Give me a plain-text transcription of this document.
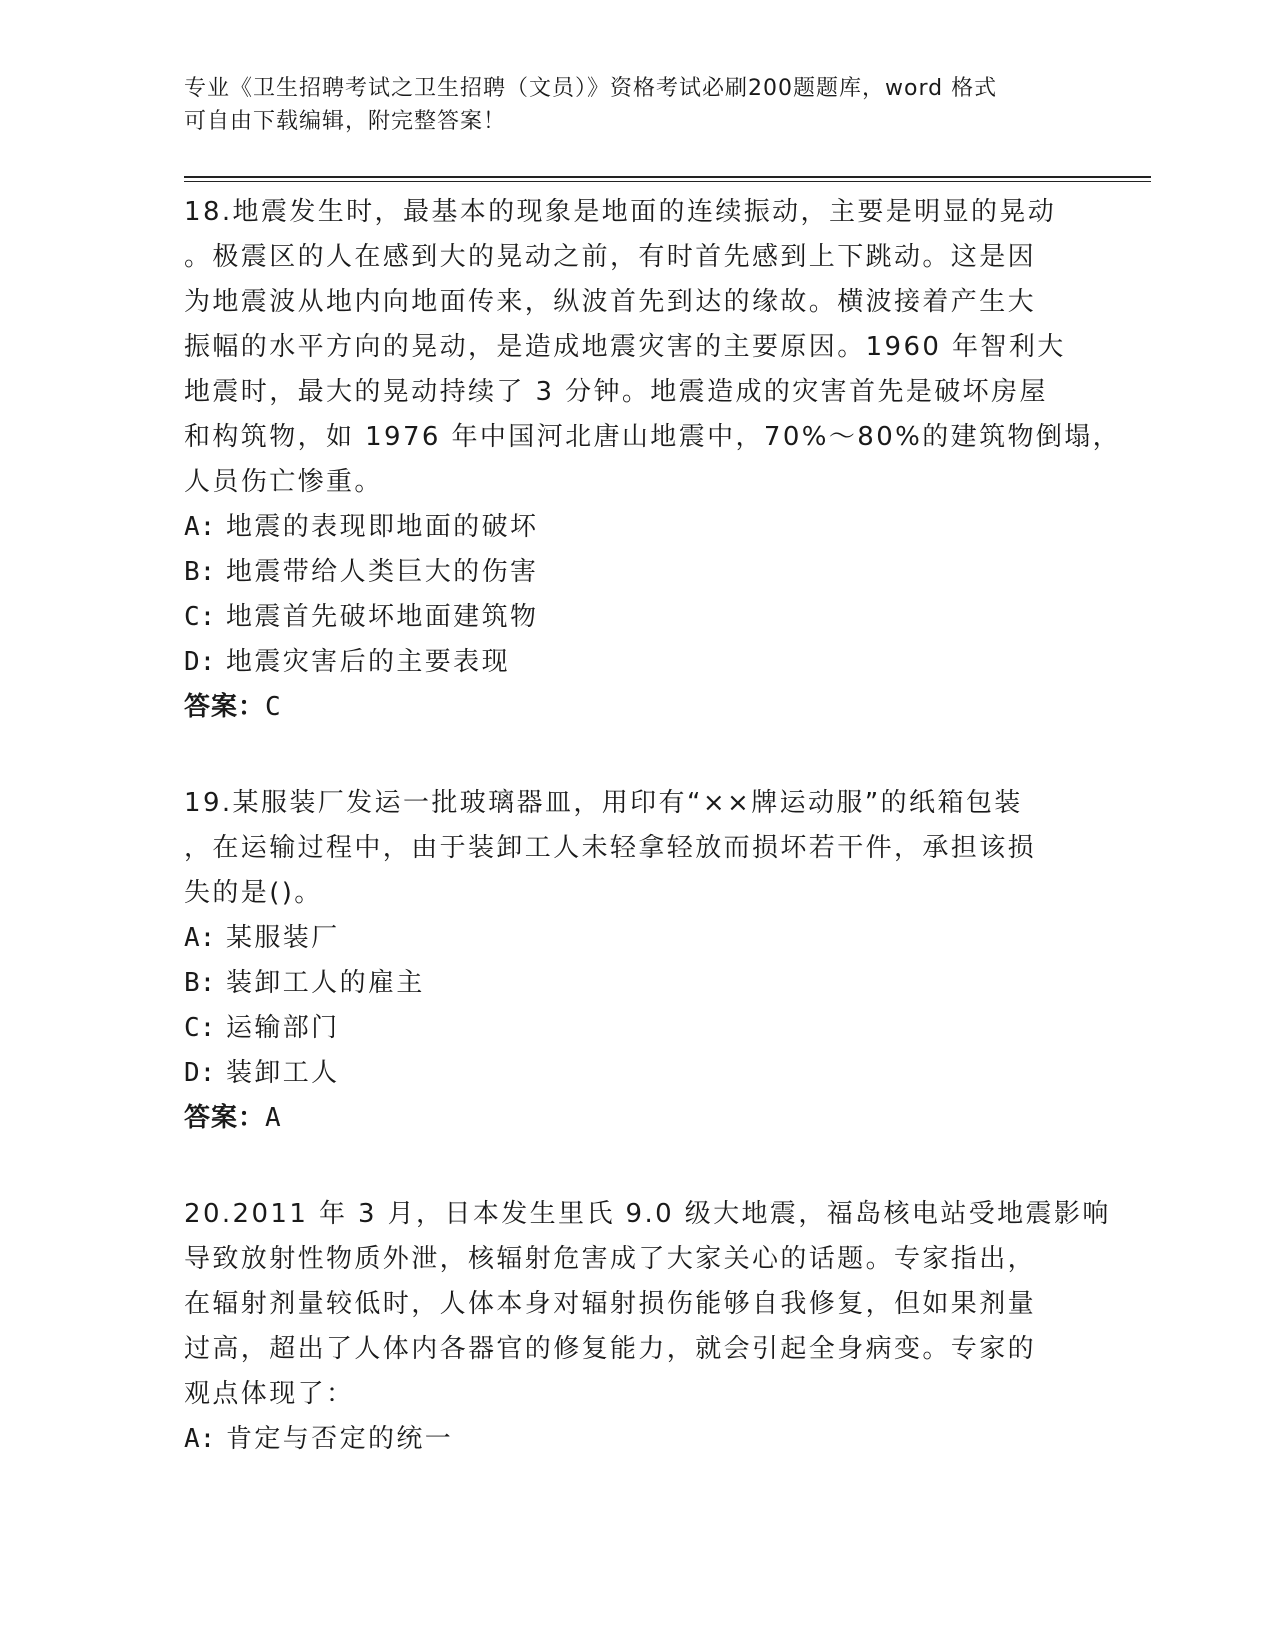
专业《卫生招聘考试之卫生招聘（文员）》资格考试必刷200题题库，word 格式
可自由下载编辑，附完整答案！
18.地震发生时，最基本的现象是地面的连续振动，主要是明显的晃动
。极震区的人在感到大的晃动之前，有时首先感到上下跳动。这是因
为地震波从地内向地面传来，纵波首先到达的缘故。横波接着产生大
振幅的水平方向的晃动，是造成地震灾害的主要原因。1960 年智利大
地震时，最大的晃动持续了 3 分钟。地震造成的灾害首先是破坏房屋
和构筑物，如 1976 年中国河北唐山地震中，70%～80%的建筑物倒塌，
人员伤亡惨重。
A: 地震的表现即地面的破坏
B: 地震带给人类巨大的伤害
C: 地震首先破坏地面建筑物
D: 地震灾害后的主要表现
答案：C
19.某服装厂发运一批玻璃器皿，用印有“××牌运动服”的纸箱包装
，在运输过程中，由于装卸工人未轻拿轻放而损坏若干件，承担该损
失的是()。
A: 某服装厂
B: 装卸工人的雇主
C: 运输部门
D: 装卸工人
答案：A
20.2011 年 3 月，日本发生里氏 9.0 级大地震，福岛核电站受地震影响
导致放射性物质外泄，核辐射危害成了大家关心的话题。专家指出，
在辐射剂量较低时，人体本身对辐射损伤能够自我修复，但如果剂量
过高，超出了人体内各器官的修复能力，就会引起全身病变。专家的
观点体现了：
A: 肯定与否定的统一
